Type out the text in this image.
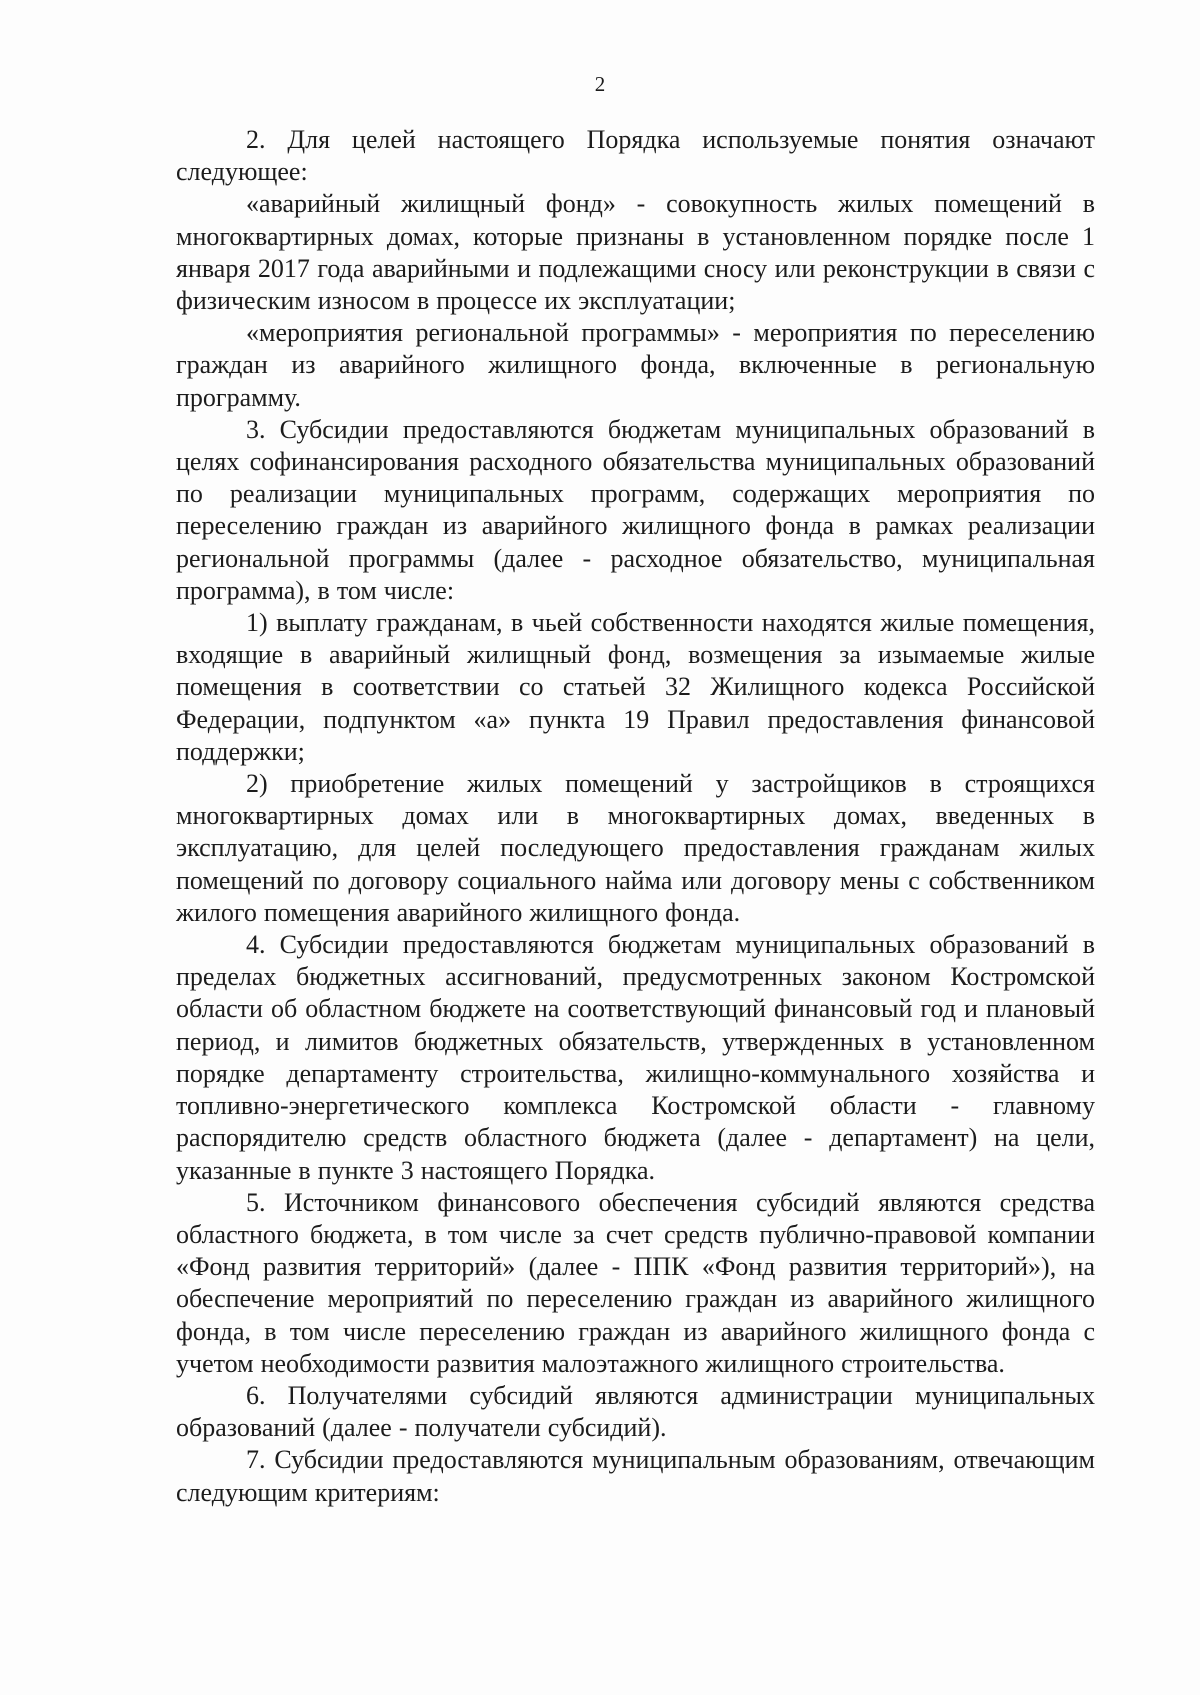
2

2. Для целей настоящего Порядка используемые понятия означают следующее:

«аварийный жилищный фонд» - совокупность жилых помещений в многоквартирных домах, которые признаны в установленном порядке после 1 января 2017 года аварийными и подлежащими сносу или реконструкции в связи с физическим износом в процессе их эксплуатации;

«мероприятия региональной программы» - мероприятия по переселению граждан из аварийного жилищного фонда, включенные в региональную программу.

3. Субсидии предоставляются бюджетам муниципальных образований в целях софинансирования расходного обязательства муниципальных образований по реализации муниципальных программ, содержащих мероприятия по переселению граждан из аварийного жилищного фонда в рамках реализации региональной программы (далее - расходное обязательство, муниципальная программа), в том числе:

1) выплату гражданам, в чьей собственности находятся жилые помещения, входящие в аварийный жилищный фонд, возмещения за изымаемые жилые помещения в соответствии со статьей 32 Жилищного кодекса Российской Федерации, подпунктом «а» пункта 19 Правил предоставления финансовой поддержки;

2) приобретение жилых помещений у застройщиков в строящихся многоквартирных домах или в многоквартирных домах, введенных в эксплуатацию, для целей последующего предоставления гражданам жилых помещений по договору социального найма или договору мены с собственником жилого помещения аварийного жилищного фонда.

4. Субсидии предоставляются бюджетам муниципальных образований в пределах бюджетных ассигнований, предусмотренных законом Костромской области об областном бюджете на соответствующий финансовый год и плановый период, и лимитов бюджетных обязательств, утвержденных в установленном порядке департаменту строительства, жилищно-коммунального хозяйства и топливно-энергетического комплекса Костромской области - главному распорядителю средств областного бюджета (далее - департамент) на цели, указанные в пункте 3 настоящего Порядка.

5. Источником финансового обеспечения субсидий являются средства областного бюджета, в том числе за счет средств публично-правовой компании «Фонд развития территорий» (далее - ППК «Фонд развития территорий»), на обеспечение мероприятий по переселению граждан из аварийного жилищного фонда, в том числе переселению граждан из аварийного жилищного фонда с учетом необходимости развития малоэтажного жилищного строительства.

6. Получателями субсидий являются администрации муниципальных образований (далее - получатели субсидий).

7. Субсидии предоставляются муниципальным образованиям, отвечающим следующим критериям:
